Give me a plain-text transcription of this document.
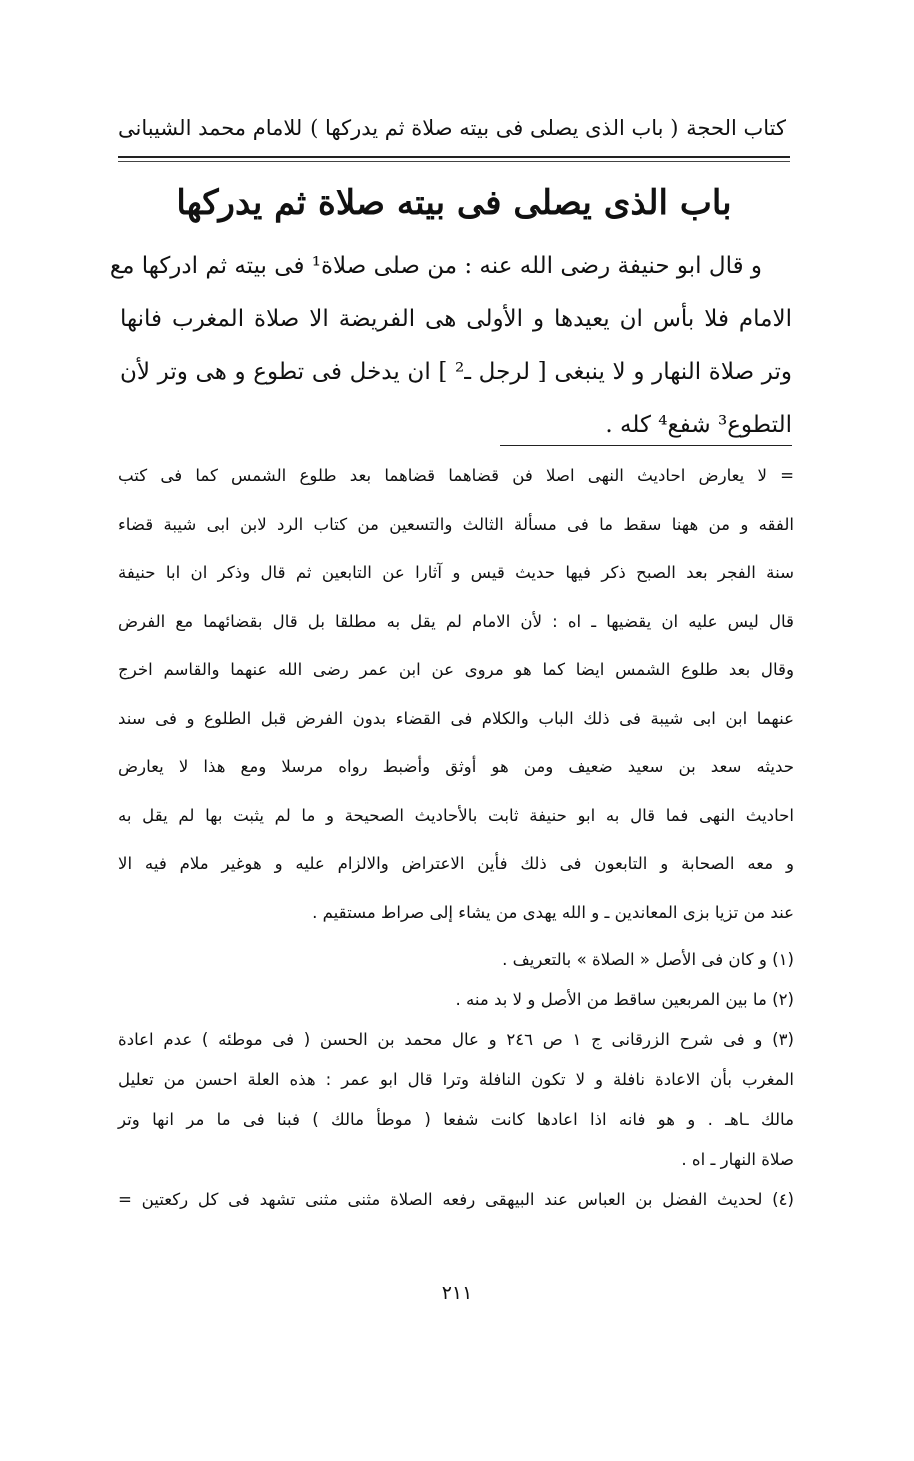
كتاب الحجة
( باب الذى يصلى فى بيته صلاة ثم يدركها )
للامام محمد الشيبانى
باب الذى يصلى فى بيته صلاة ثم يدركها
و قال ابو حنيفة رضى الله عنه : من صلى صلاة¹ فى بيته ثم ادركها مع
الامام فلا بأس ان يعيدها و الأولى هى الفريضة الا صلاة المغرب فانها
وتر صلاة النهار و لا ينبغى [ لرجل ـ² ] ان يدخل فى تطوع و هى وتر لأن
التطوع³ شفع⁴ كله .
= لا يعارض احاديث النهى اصلا فن قضاهما قضاهما بعد طلوع الشمس كما فى كتب
الفقه و من ههنا سقط ما فى مسألة الثالث والتسعين من كتاب الرد لابن ابى شيبة قضاء
سنة الفجر بعد الصبح ذكر فيها حديث قيس و آثارا عن التابعين ثم قال وذكر ان ابا حنيفة
قال ليس عليه ان يقضيها ـ اه : لأن الامام لم يقل به مطلقا بل قال بقضائهما مع الفرض
وقال بعد طلوع الشمس ايضا كما هو مروى عن ابن عمر رضى الله عنهما والقاسم اخرج
عنهما ابن ابى شيبة فى ذلك الباب والكلام فى القضاء بدون الفرض قبل الطلوع و فى سند
حديثه سعد بن سعيد ضعيف ومن هو أوثق وأضبط رواه مرسلا ومع هذا لا يعارض
احاديث النهى فما قال به ابو حنيفة ثابت بالأحاديث الصحيحة و ما لم يثبت بها لم يقل به
و معه الصحابة و التابعون فى ذلك فأين الاعتراض والالزام عليه و هوغير ملام فيه الا
عند من تزيا بزى المعاندين ـ و الله يهدى من يشاء إلى صراط مستقيم .
(١) و كان فى الأصل « الصلاة » بالتعريف .
(٢) ما بين المربعين ساقط من الأصل و لا بد منه .
(٣) و فى شرح الزرقانى ج ١ ص ٢٤٦ و عال محمد بن الحسن ( فى موطئه ) عدم اعادة
المغرب بأن الاعادة نافلة و لا تكون النافلة وترا قال ابو عمر : هذه العلة احسن من تعليل
مالك ـاهـ . و هو فانه اذا اعادها كانت شفعا ( موطأ مالك ) فبنا فى ما مر انها وتر
صلاة النهار ـ اه .
(٤) لحديث الفضل بن العباس عند البيهقى رفعه الصلاة مثنى مثنى تشهد فى كل ركعتين =
٢١١
